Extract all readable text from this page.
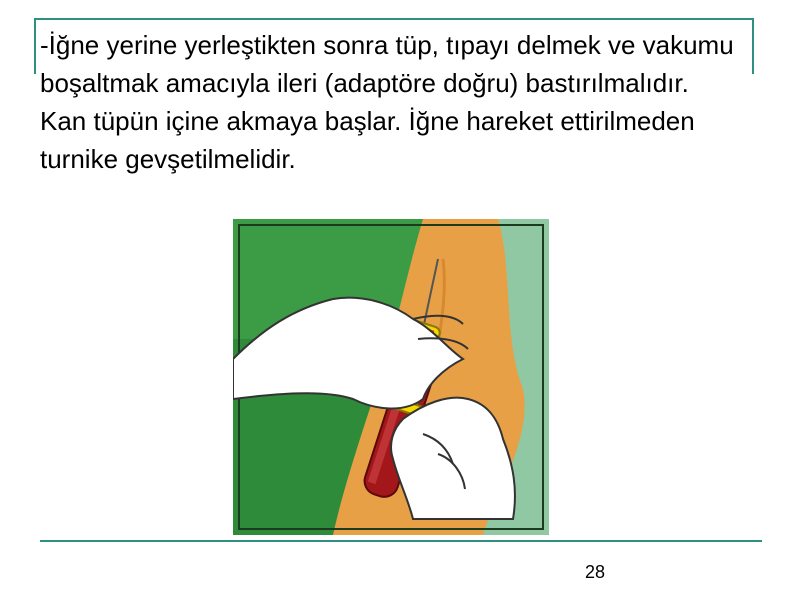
-İğne yerine yerleştikten sonra tüp, tıpayı delmek ve vakumu boşaltmak amacıyla ileri (adaptöre doğru) bastırılmalıdır. Kan tüpün içine akmaya başlar. İğne hareket ettirilmeden turnike gevşetilmelidir.

28
